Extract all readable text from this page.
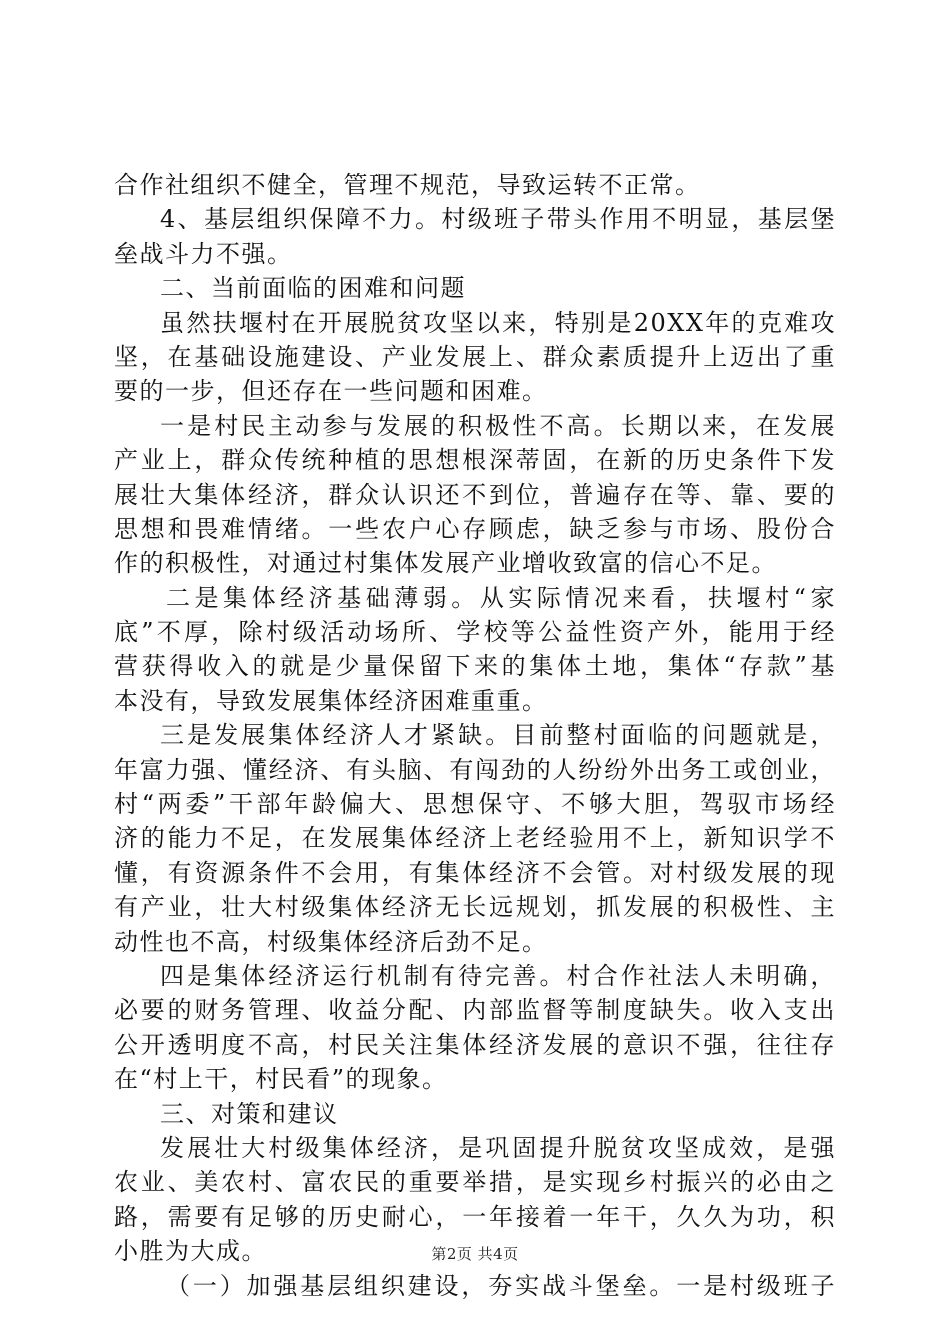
合作社组织不健全，管理不规范，导致运转不正常。
4、基层组织保障不力。村级班子带头作用不明显，基层堡
垒战斗力不强。
二、当前面临的困难和问题
虽然扶堰村在开展脱贫攻坚以来，特别是20XX年的克难攻
坚，在基础设施建设、产业发展上、群众素质提升上迈出了重
要的一步，但还存在一些问题和困难。
一是村民主动参与发展的积极性不高。长期以来，在发展
产业上，群众传统种植的思想根深蒂固，在新的历史条件下发
展壮大集体经济，群众认识还不到位，普遍存在等、靠、要的
思想和畏难情绪。一些农户心存顾虑，缺乏参与市场、股份合
作的积极性，对通过村集体发展产业增收致富的信心不足。
二是集体经济基础薄弱。从实际情况来看，扶堰村“家
底”不厚，除村级活动场所、学校等公益性资产外，能用于经
营获得收入的就是少量保留下来的集体土地，集体“存款”基
本没有，导致发展集体经济困难重重。
三是发展集体经济人才紧缺。目前整村面临的问题就是，
年富力强、懂经济、有头脑、有闯劲的人纷纷外出务工或创业，
村“两委”干部年龄偏大、思想保守、不够大胆，驾驭市场经
济的能力不足，在发展集体经济上老经验用不上，新知识学不
懂，有资源条件不会用，有集体经济不会管。对村级发展的现
有产业，壮大村级集体经济无长远规划，抓发展的积极性、主
动性也不高，村级集体经济后劲不足。
四是集体经济运行机制有待完善。村合作社法人未明确，
必要的财务管理、收益分配、内部监督等制度缺失。收入支出
公开透明度不高，村民关注集体经济发展的意识不强，往往存
在“村上干，村民看”的现象。
三、对策和建议
发展壮大村级集体经济，是巩固提升脱贫攻坚成效，是强
农业、美农村、富农民的重要举措，是实现乡村振兴的必由之
路，需要有足够的历史耐心，一年接着一年干，久久为功，积
小胜为大成。
（一）加强基层组织建设，夯实战斗堡垒。一是村级班子
第2页 共4页
